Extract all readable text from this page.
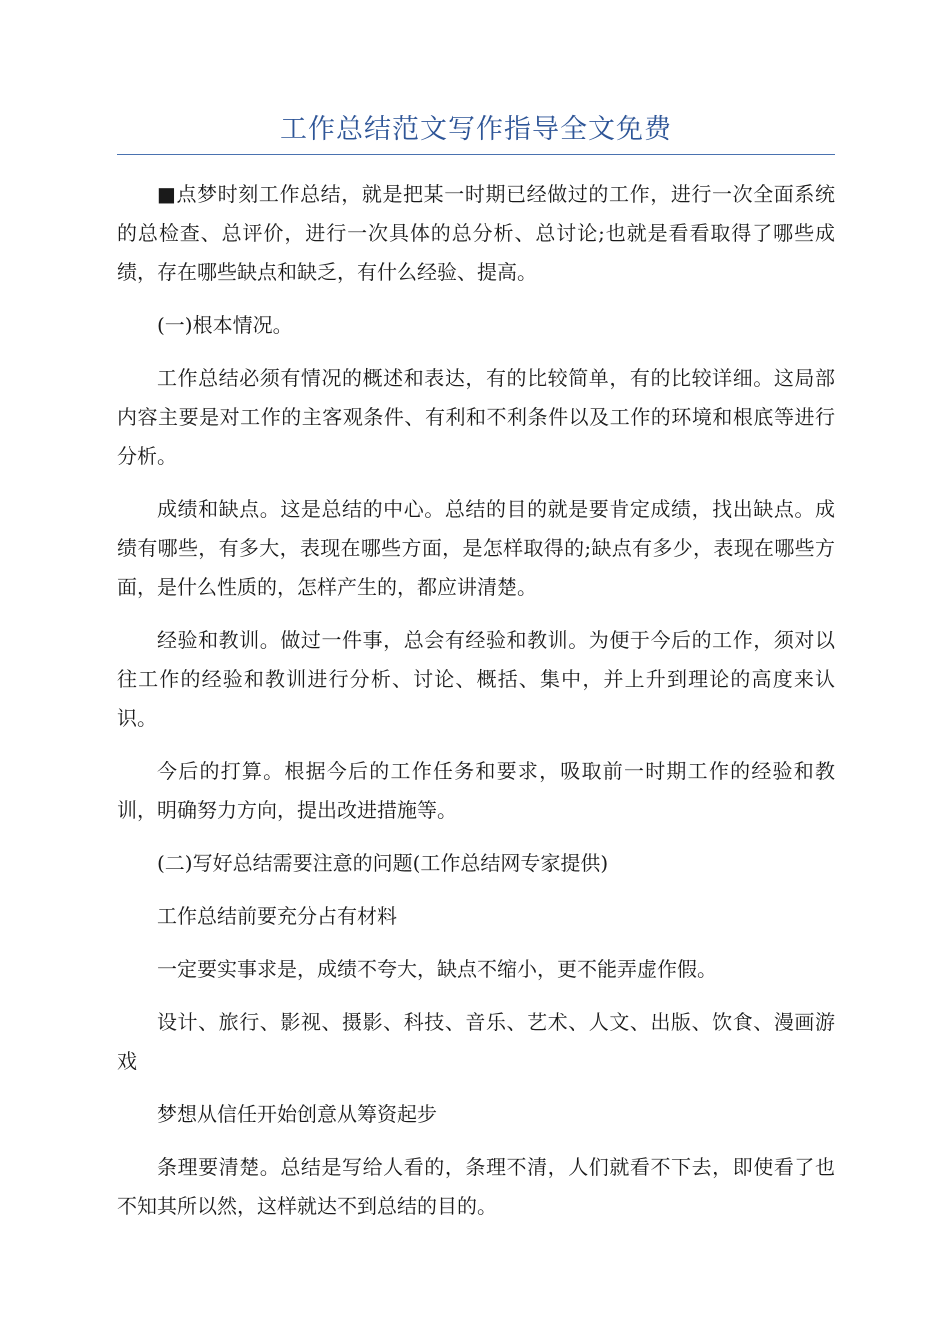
工作总结范文写作指导全文免费

■点梦时刻工作总结，就是把某一时期已经做过的工作，进行一次全面系统的总检查、总评价，进行一次具体的总分析、总讨论;也就是看看取得了哪些成绩，存在哪些缺点和缺乏，有什么经验、提高。

(一)根本情况。

工作总结必须有情况的概述和表达，有的比较简单，有的比较详细。这局部内容主要是对工作的主客观条件、有利和不利条件以及工作的环境和根底等进行分析。

成绩和缺点。这是总结的中心。总结的目的就是要肯定成绩，找出缺点。成绩有哪些，有多大，表现在哪些方面，是怎样取得的;缺点有多少，表现在哪些方面，是什么性质的，怎样产生的，都应讲清楚。

经验和教训。做过一件事，总会有经验和教训。为便于今后的工作，须对以往工作的经验和教训进行分析、讨论、概括、集中，并上升到理论的高度来认识。

今后的打算。根据今后的工作任务和要求，吸取前一时期工作的经验和教训，明确努力方向，提出改进措施等。

(二)写好总结需要注意的问题(工作总结网专家提供)

工作总结前要充分占有材料

一定要实事求是，成绩不夸大，缺点不缩小，更不能弄虚作假。

设计、旅行、影视、摄影、科技、音乐、艺术、人文、出版、饮食、漫画游戏

梦想从信任开始创意从筹资起步

条理要清楚。总结是写给人看的，条理不清，人们就看不下去，即使看了也不知其所以然，这样就达不到总结的目的。
